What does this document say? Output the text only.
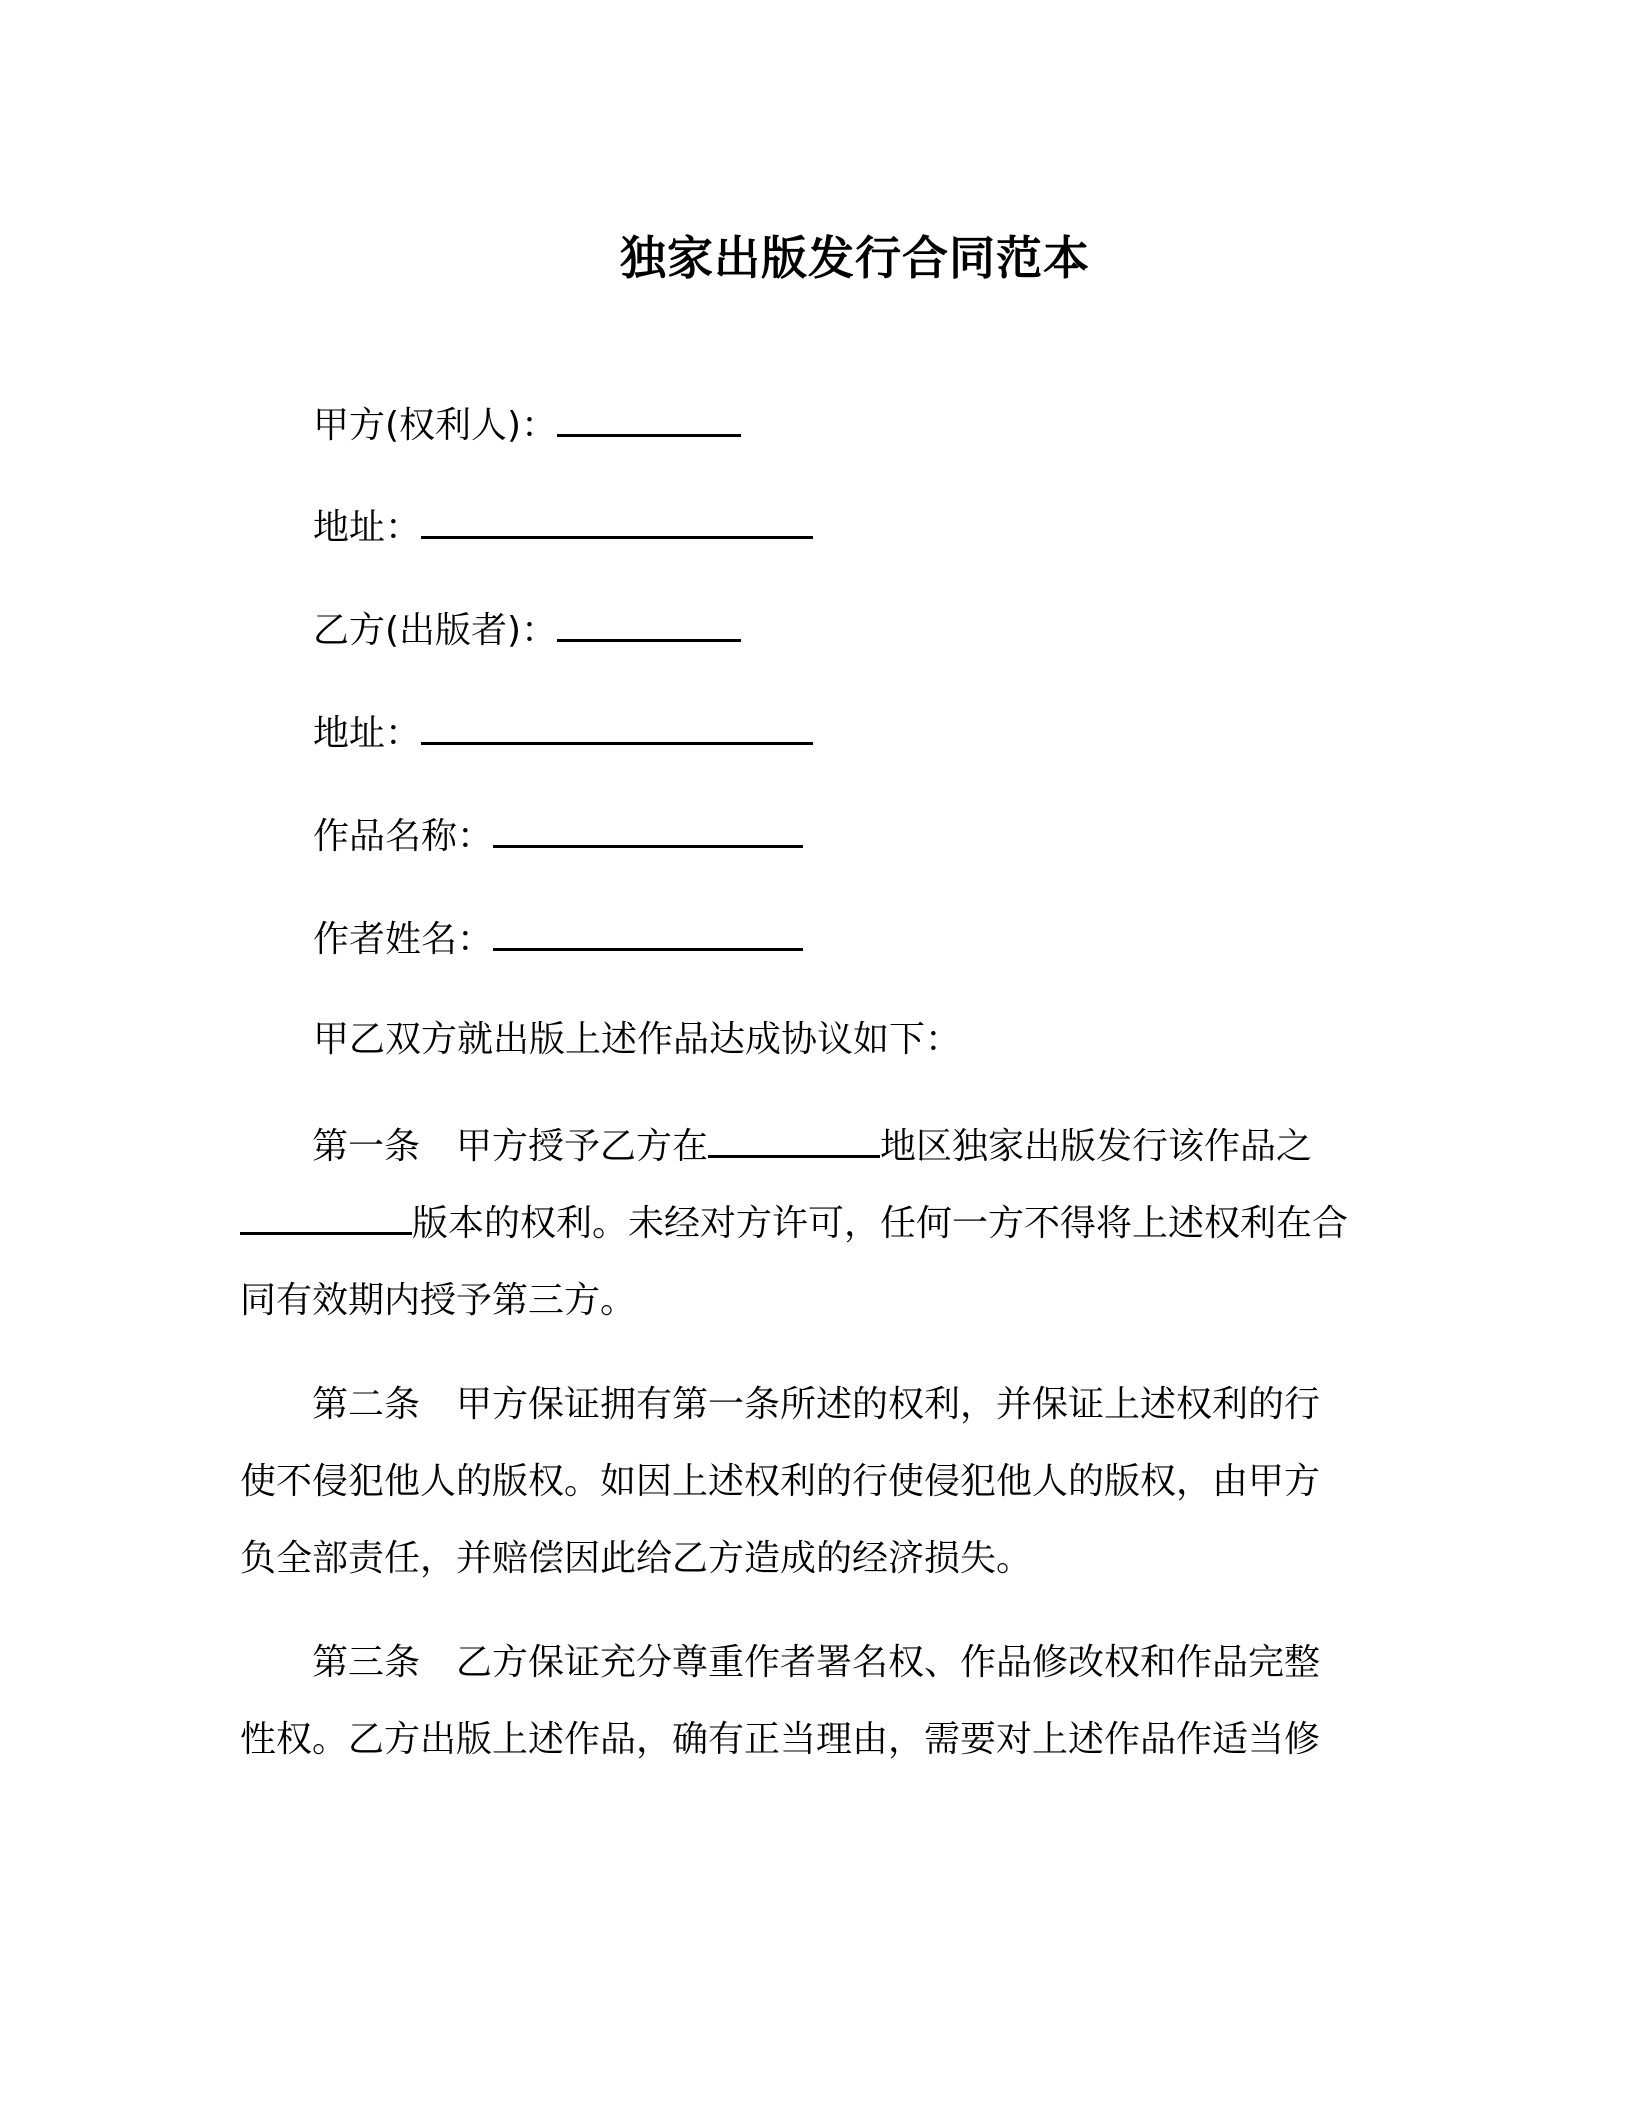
独家出版发行合同范本
甲方(权利人)：
地址：
乙方(出版者)：
地址：
作品名称：
作者姓名：
甲乙双方就出版上述作品达成协议如下：
第一条 甲方授予乙方在	地区独家出版发行该作品之版本的权利。未经对方许可，任何一方不得将上述权利在合同有效期内授予第三方。
第二条 甲方保证拥有第一条所述的权利，并保证上述权利的行使不侵犯他人的版权。如因上述权利的行使侵犯他人的版权，由甲方负全部责任，并赔偿因此给乙方造成的经济损失。
第三条 乙方保证充分尊重作者署名权、作品修改权和作品完整性权。乙方出版上述作品，确有正当理由，需要对上述作品作适当修
